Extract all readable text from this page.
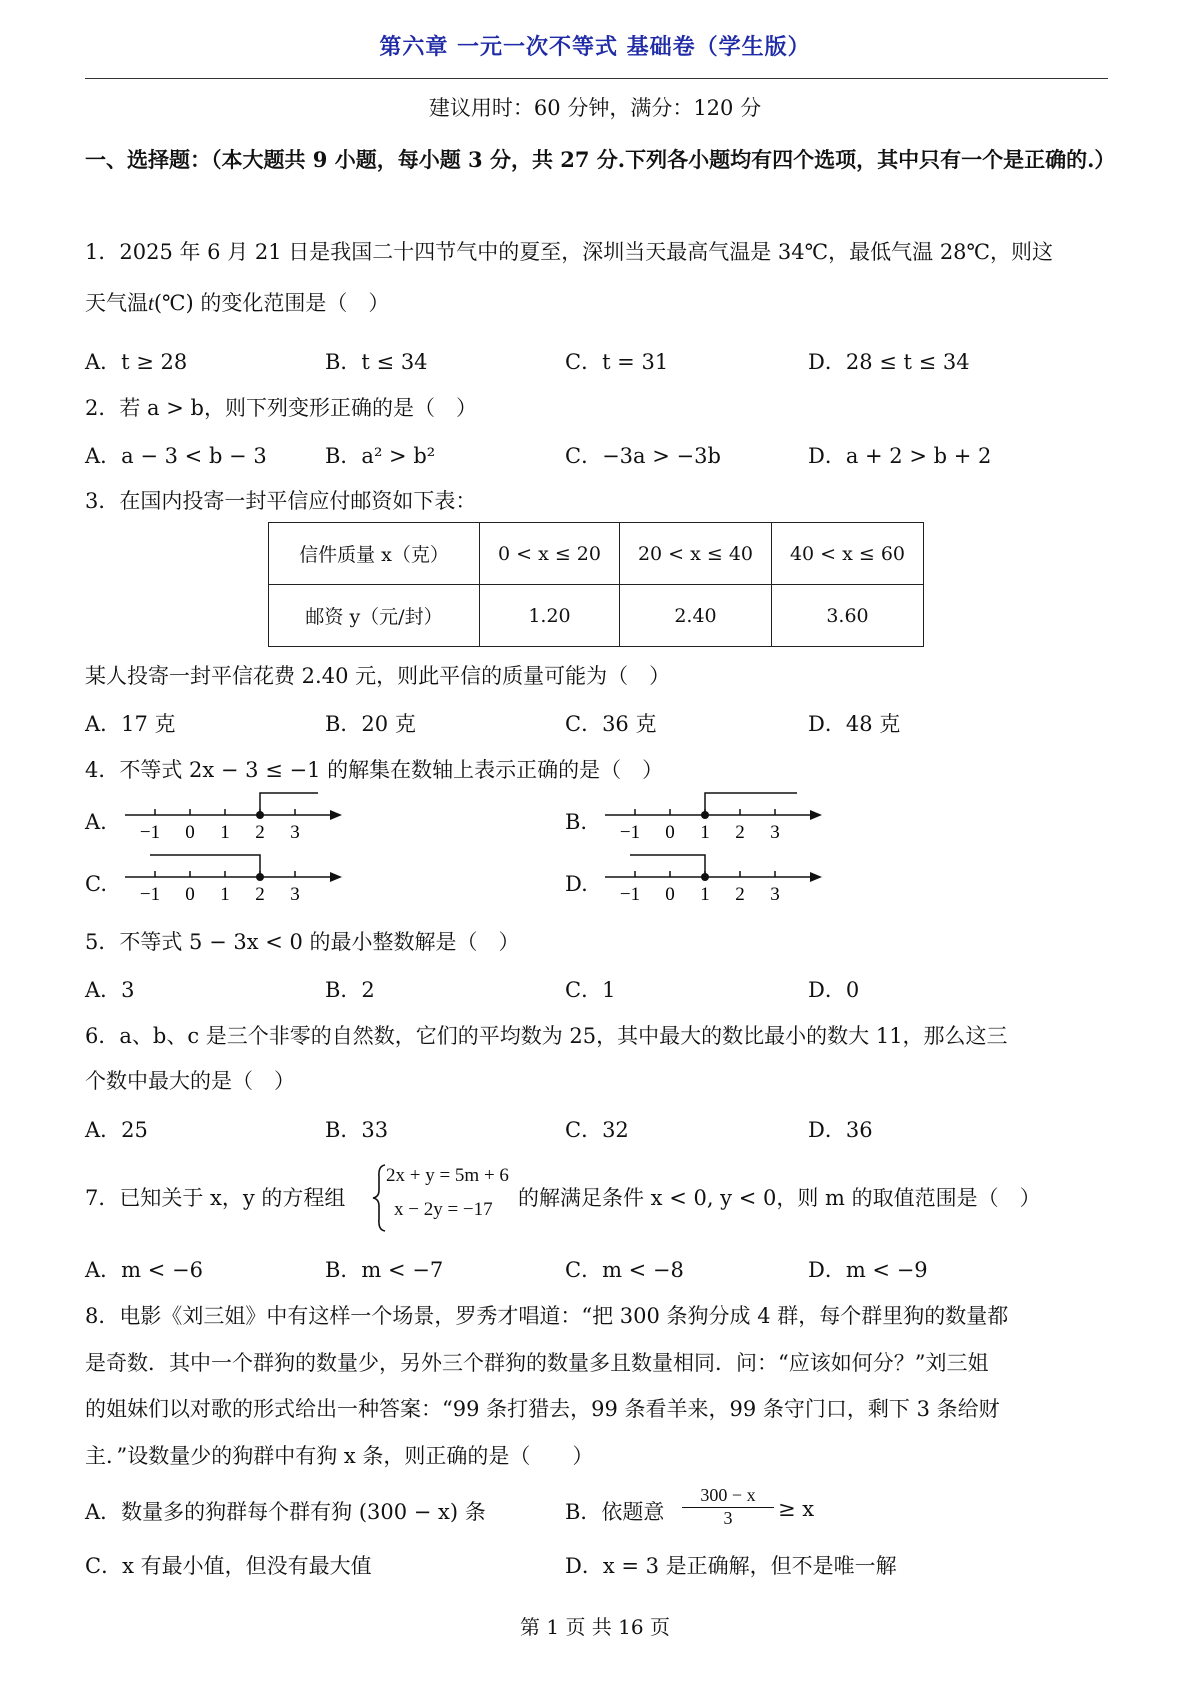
第六章 一元一次不等式 基础卷（学生版）
建议用时：60 分钟，满分：120 分
一、选择题：（本大题共 9 小题，每小题 3 分，共 27 分.下列各小题均有四个选项，其中只有一个是正确的.）
1．2025 年 6 月 21 日是我国二十四节气中的夏至，深圳当天最高气温是 34℃，最低气温 28℃，则这
天气温t(℃) 的变化范围是（　）
A．t ≥ 28	B．t ≤ 34	C．t = 31	D．28 ≤ t ≤ 34
2．若 a > b，则下列变形正确的是（　）
A．a − 3 < b − 3	B．a² > b²	C．−3a > −3b	D．a + 2 > b + 2
3．在国内投寄一封平信应付邮资如下表：
信件质量 x（克）	0 < x ≤ 20	20 < x ≤ 40	40 < x ≤ 60
邮资 y（元/封）	1.20	2.40	3.60
某人投寄一封平信花费 2.40 元，则此平信的质量可能为（　）
A．17 克	B．20 克	C．36 克	D．48 克
4．不等式 2x − 3 ≤ −1 的解集在数轴上表示正确的是（　）
A. −1 0 1 2 3	B. −1 0 1 2 3
C. −1 0 1 2 3	D. −1 0 1 2 3
5．不等式 5 − 3x < 0 的最小整数解是（　）
A．3	B．2	C．1	D．0
6．a、b、c 是三个非零的自然数，它们的平均数为 25，其中最大的数比最小的数大 11，那么这三
个数中最大的是（　）
A．25	B．33	C．32	D．36
7．已知关于 x，y 的方程组
2x + y = 5m + 6
x − 2y = −17 的解满足条件 x < 0, y < 0，则 m 的取值范围是（　）
A．m < −6	B．m < −7	C．m < −8	D．m < −9
8．电影《刘三姐》中有这样一个场景，罗秀才唱道：“把 300 条狗分成 4 群，每个群里狗的数量都
是奇数．其中一个群狗的数量少，另外三个群狗的数量多且数量相同．问：“应该如何分？”刘三姐
的姐妹们以对歌的形式给出一种答案：“99 条打猎去，99 条看羊来，99 条守门口，剩下 3 条给财
主．”设数量少的狗群中有狗 x 条，则正确的是（　　）
A．数量多的狗群每个群有狗 (300 − x) 条	B．依题意 $\frac{300 - x}{3} \ge x$
C．x 有最小值，但没有最大值	D．x = 3 是正确解，但不是唯一解
第 1 页 共 16 页
